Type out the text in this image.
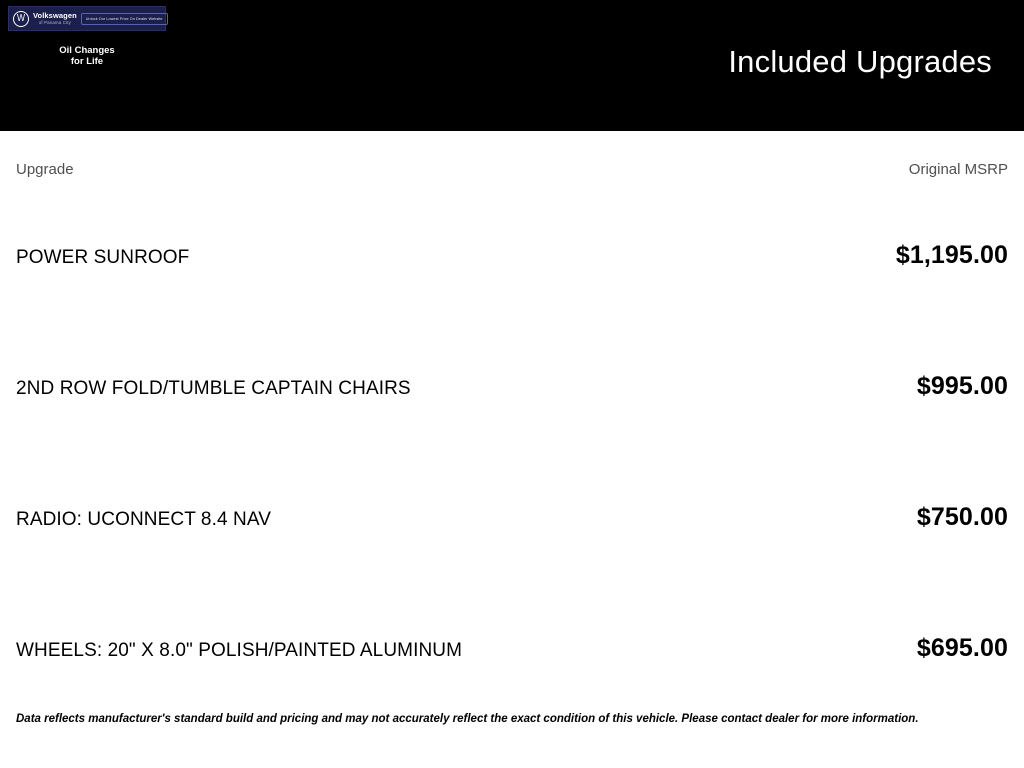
W
Volkswagen
of Panama City
Unlock Our Lowest Price On Dealer Website
Oil Changes
for Life	Included Upgrades
Upgrade	Original MSRP
POWER SUNROOF	$1,195.00
2ND ROW FOLD/TUMBLE CAPTAIN CHAIRS	$995.00
RADIO: UCONNECT 8.4 NAV	$750.00
WHEELS: 20" X 8.0" POLISH/PAINTED ALUMINUM	$695.00
Data reflects manufacturer's standard build and pricing and may not accurately reflect the exact condition of this vehicle. Please contact dealer for more information.
